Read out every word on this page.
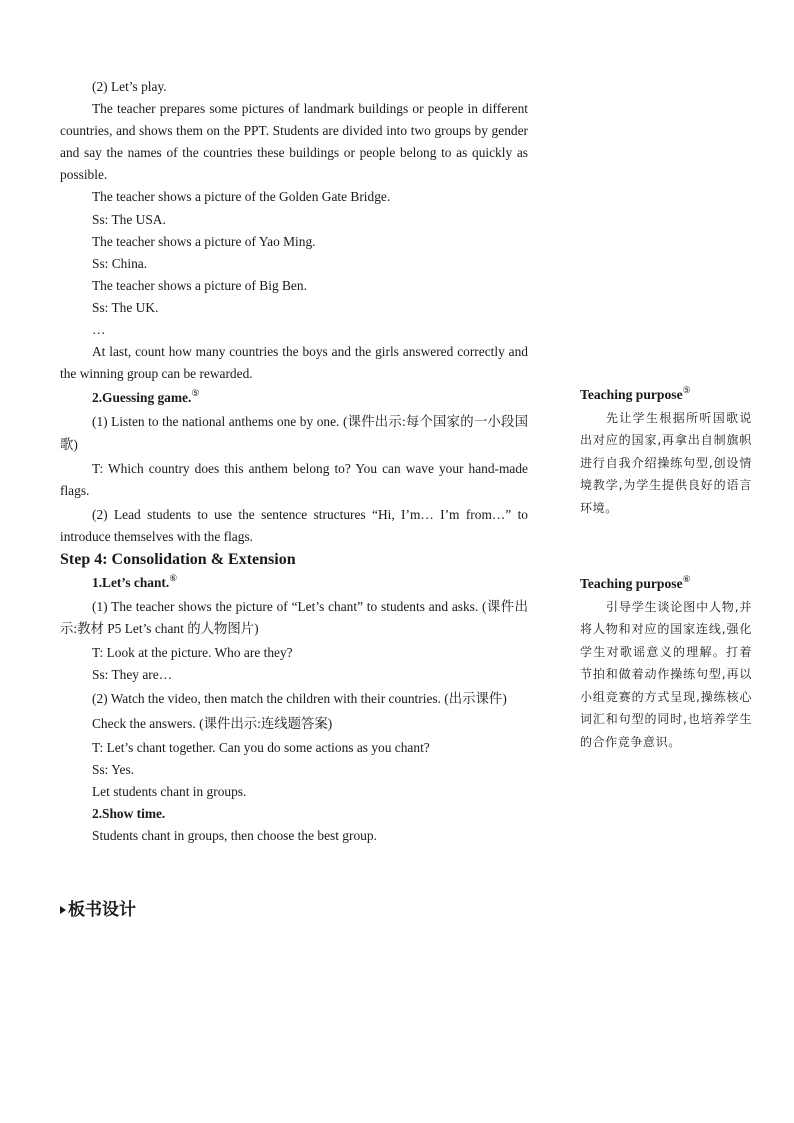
(2) Let’s play.

The teacher prepares some pictures of landmark buildings or people in different countries, and shows them on the PPT. Students are divided into two groups by gender and say the names of the countries these buildings or people belong to as quickly as possible.

The teacher shows a picture of the Golden Gate Bridge.

Ss: The USA.

The teacher shows a picture of Yao Ming.

Ss: China.

The teacher shows a picture of Big Ben.

Ss: The UK.

…

At last, count how many countries the boys and the girls answered correctly and the winning group can be rewarded.

2.Guessing game.⑤

(1) Listen to the national anthems one by one. (课件出示:每个国家的一小段国歌)

T: Which country does this anthem belong to? You can wave your hand-made flags.

(2) Lead students to use the sentence structures “Hi, I’m… I’m from…” to introduce themselves with the flags.

Step 4: Consolidation & Extension

1.Let’s chant.⑥

(1) The teacher shows the picture of “Let’s chant” to students and asks. (课件出示:教材 P5 Let’s chant 的人物图片)

T: Look at the picture. Who are they?

Ss: They are…

(2) Watch the video, then match the children with their countries. (出示课件)

Check the answers. (课件出示:连线题答案)

T: Let’s chant together. Can you do some actions as you chant?

Ss: Yes.

Let students chant in groups.

2.Show time.

Students chant in groups, then choose the best group.

Teaching purpose⑤

先让学生根据所听国歌说出对应的国家,再拿出自制旗帜进行自我介绍操练句型,创设情境教学,为学生提供良好的语言环境。

Teaching purpose⑥

引导学生谈论图中人物,并将人物和对应的国家连线,强化学生对歌谣意义的理解。打着节拍和做着动作操练句型,再以小组竞赛的方式呈现,操练核心词汇和句型的同时,也培养学生的合作竞争意识。

板书设计
